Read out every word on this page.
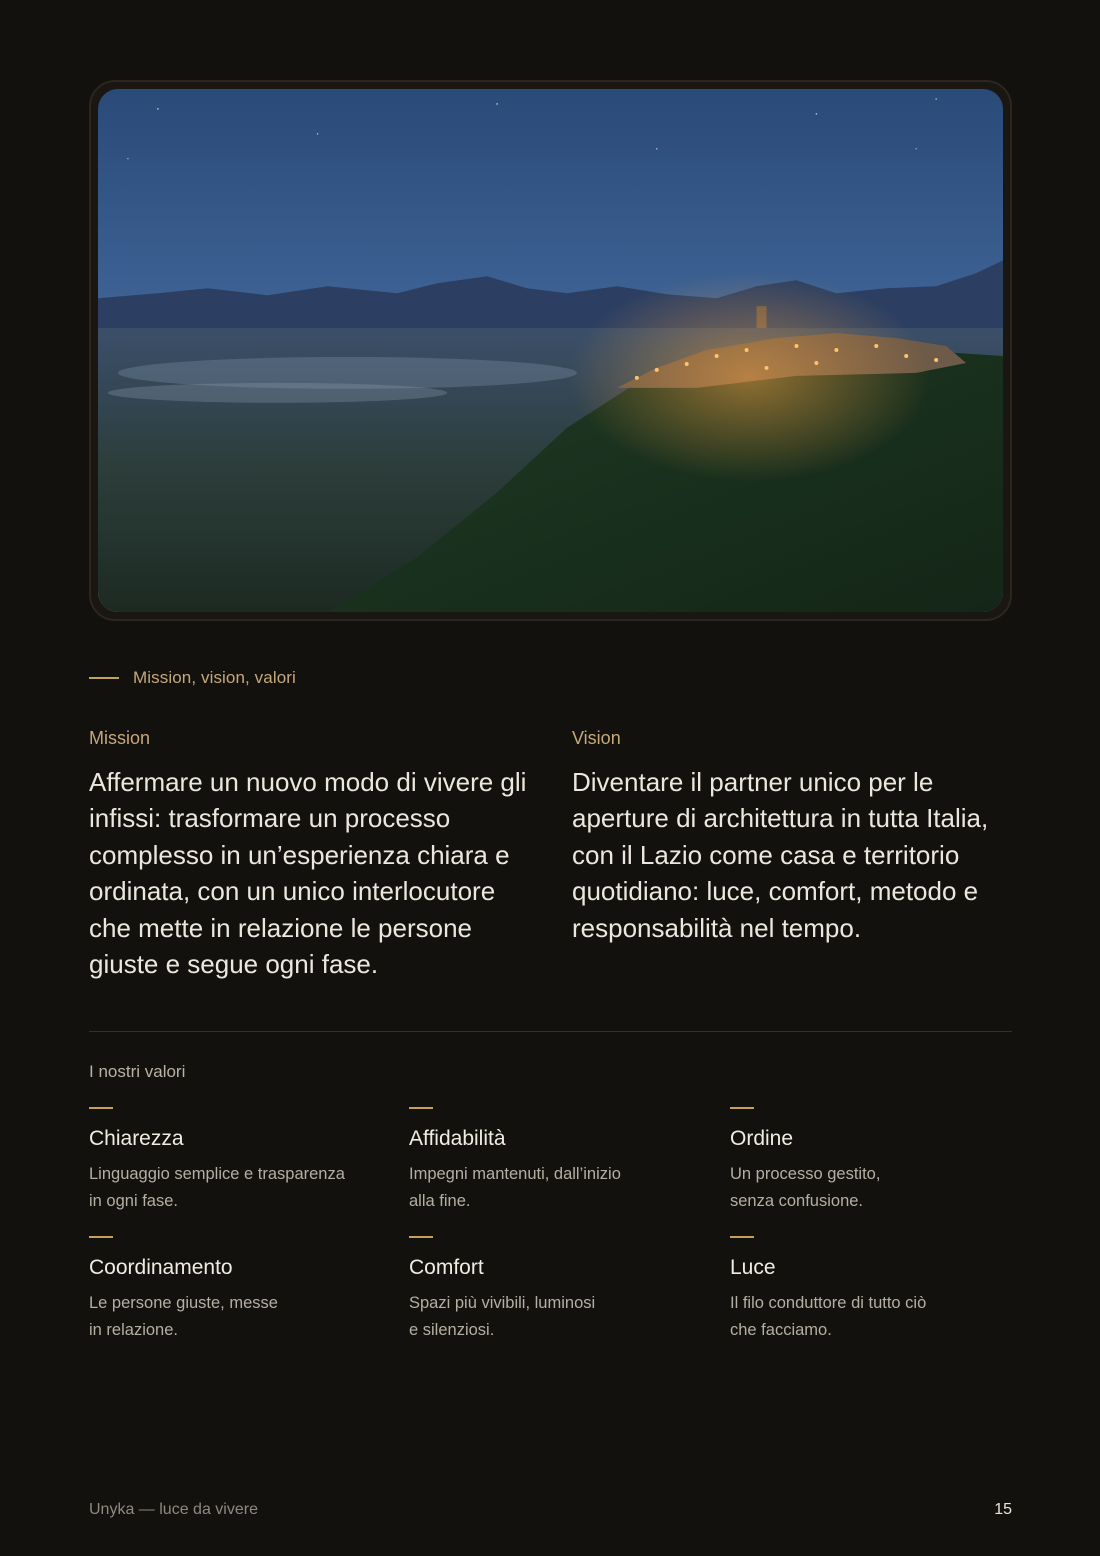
Mission, vision, valori
Mission
Affermare un nuovo modo di vivere gli infissi: trasformare un processo complesso in un’esperienza chiara e ordinata, con un unico interlocutore che mette in relazione le persone giuste e segue ogni fase.
Vision
Diventare il partner unico per le aperture di architettura in tutta Italia, con il Lazio come casa e territorio quotidiano: luce, comfort, metodo e responsabilità nel tempo.
I nostri valori
Chiarezza
Linguaggio semplice e trasparenza
in ogni fase.
Affidabilità
Impegni mantenuti, dall’inizio
alla fine.
Ordine
Un processo gestito,
senza confusione.
Coordinamento
Le persone giuste, messe
in relazione.
Comfort
Spazi più vivibili, luminosi
e silenziosi.
Luce
Il filo conduttore di tutto ciò
che facciamo.
Unyka — luce da vivere	15
